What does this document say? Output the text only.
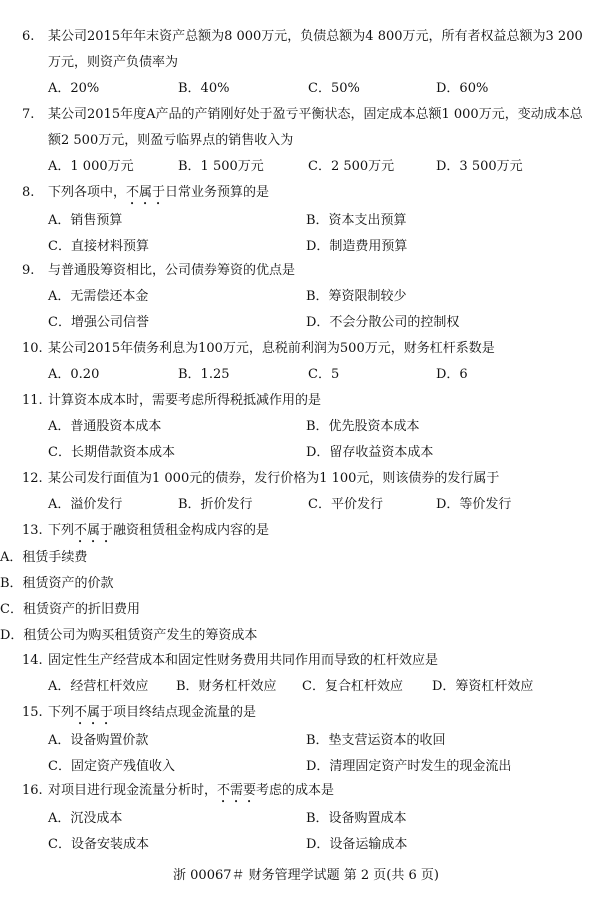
6.	某公司2015年年末资产总额为8 000万元，负债总额为4 800万元，所有者权益总额为3 200万元，则资产负债率为
A．20%	B．40%	C．50%	D．60%
7.	某公司2015年度A产品的产销刚好处于盈亏平衡状态，固定成本总额1 000万元，变动成本总额2 500万元，则盈亏临界点的销售收入为
A．1 000万元	B．1 500万元	C．2 500万元	D．3 500万元
8.	下列各项中，不属于日常业务预算的是
A．销售预算	B．资本支出预算
C．直接材料预算	D．制造费用预算
9.	与普通股筹资相比，公司债券筹资的优点是
A．无需偿还本金	B．筹资限制较少
C．增强公司信誉	D．不会分散公司的控制权
10. 某公司2015年债务利息为100万元，息税前利润为500万元，财务杠杆系数是
A．0.20	B．1.25	C．5	D．6
11. 计算资本成本时，需要考虑所得税抵减作用的是
A．普通股资本成本	B．优先股资本成本
C．长期借款资本成本	D．留存收益资本成本
12. 某公司发行面值为1 000元的债券，发行价格为1 100元，则该债券的发行属于
A．溢价发行	B．折价发行	C．平价发行	D．等价发行
13. 下列不属于融资租赁租金构成内容的是
A．租赁手续费
B．租赁资产的价款
C．租赁资产的折旧费用
D．租赁公司为购买租赁资产发生的筹资成本
14. 固定性生产经营成本和固定性财务费用共同作用而导致的杠杆效应是
A．经营杠杆效应 B．财务杠杆效应 C．复合杠杆效应 D．筹资杠杆效应
15. 下列不属于项目终结点现金流量的是
A．设备购置价款	B．垫支营运资本的收回
C．固定资产残值收入	D．清理固定资产时发生的现金流出
16. 对项目进行现金流量分析时，不需要考虑的成本是
A．沉没成本	B．设备购置成本
C．设备安装成本	D．设备运输成本
浙 00067＃ 财务管理学试题 第 2 页(共 6 页)
